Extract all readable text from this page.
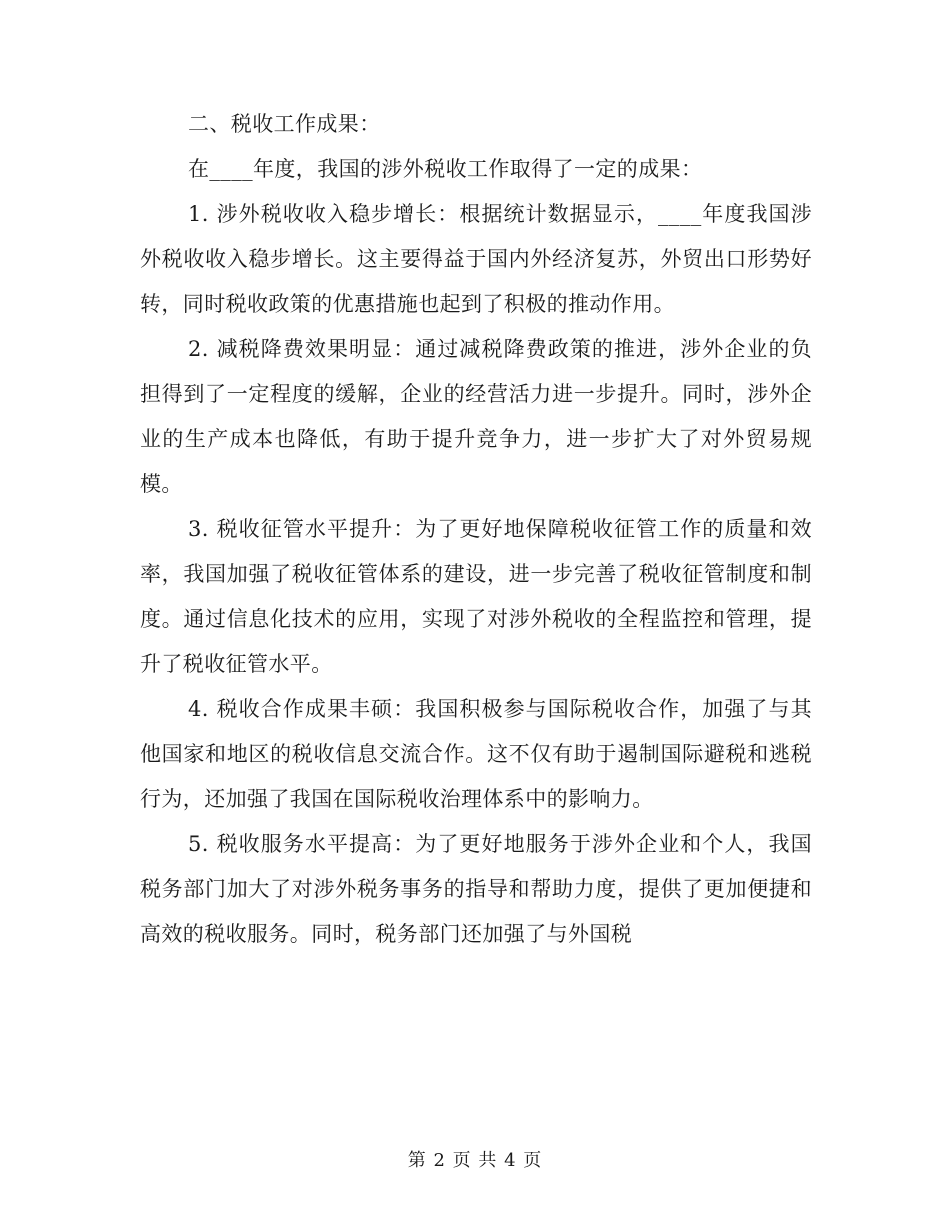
二、税收工作成果：

在____年度，我国的涉外税收工作取得了一定的成果：

1. 涉外税收收入稳步增长：根据统计数据显示，____年度我国涉外税收收入稳步增长。这主要得益于国内外经济复苏，外贸出口形势好转，同时税收政策的优惠措施也起到了积极的推动作用。

2. 减税降费效果明显：通过减税降费政策的推进，涉外企业的负担得到了一定程度的缓解，企业的经营活力进一步提升。同时，涉外企业的生产成本也降低，有助于提升竞争力，进一步扩大了对外贸易规模。

3. 税收征管水平提升：为了更好地保障税收征管工作的质量和效率，我国加强了税收征管体系的建设，进一步完善了税收征管制度和制度。通过信息化技术的应用，实现了对涉外税收的全程监控和管理，提升了税收征管水平。

4. 税收合作成果丰硕：我国积极参与国际税收合作，加强了与其他国家和地区的税收信息交流合作。这不仅有助于遏制国际避税和逃税行为，还加强了我国在国际税收治理体系中的影响力。

5. 税收服务水平提高：为了更好地服务于涉外企业和个人，我国税务部门加大了对涉外税务事务的指导和帮助力度，提供了更加便捷和高效的税收服务。同时，税务部门还加强了与外国税

第 2 页 共 4 页
